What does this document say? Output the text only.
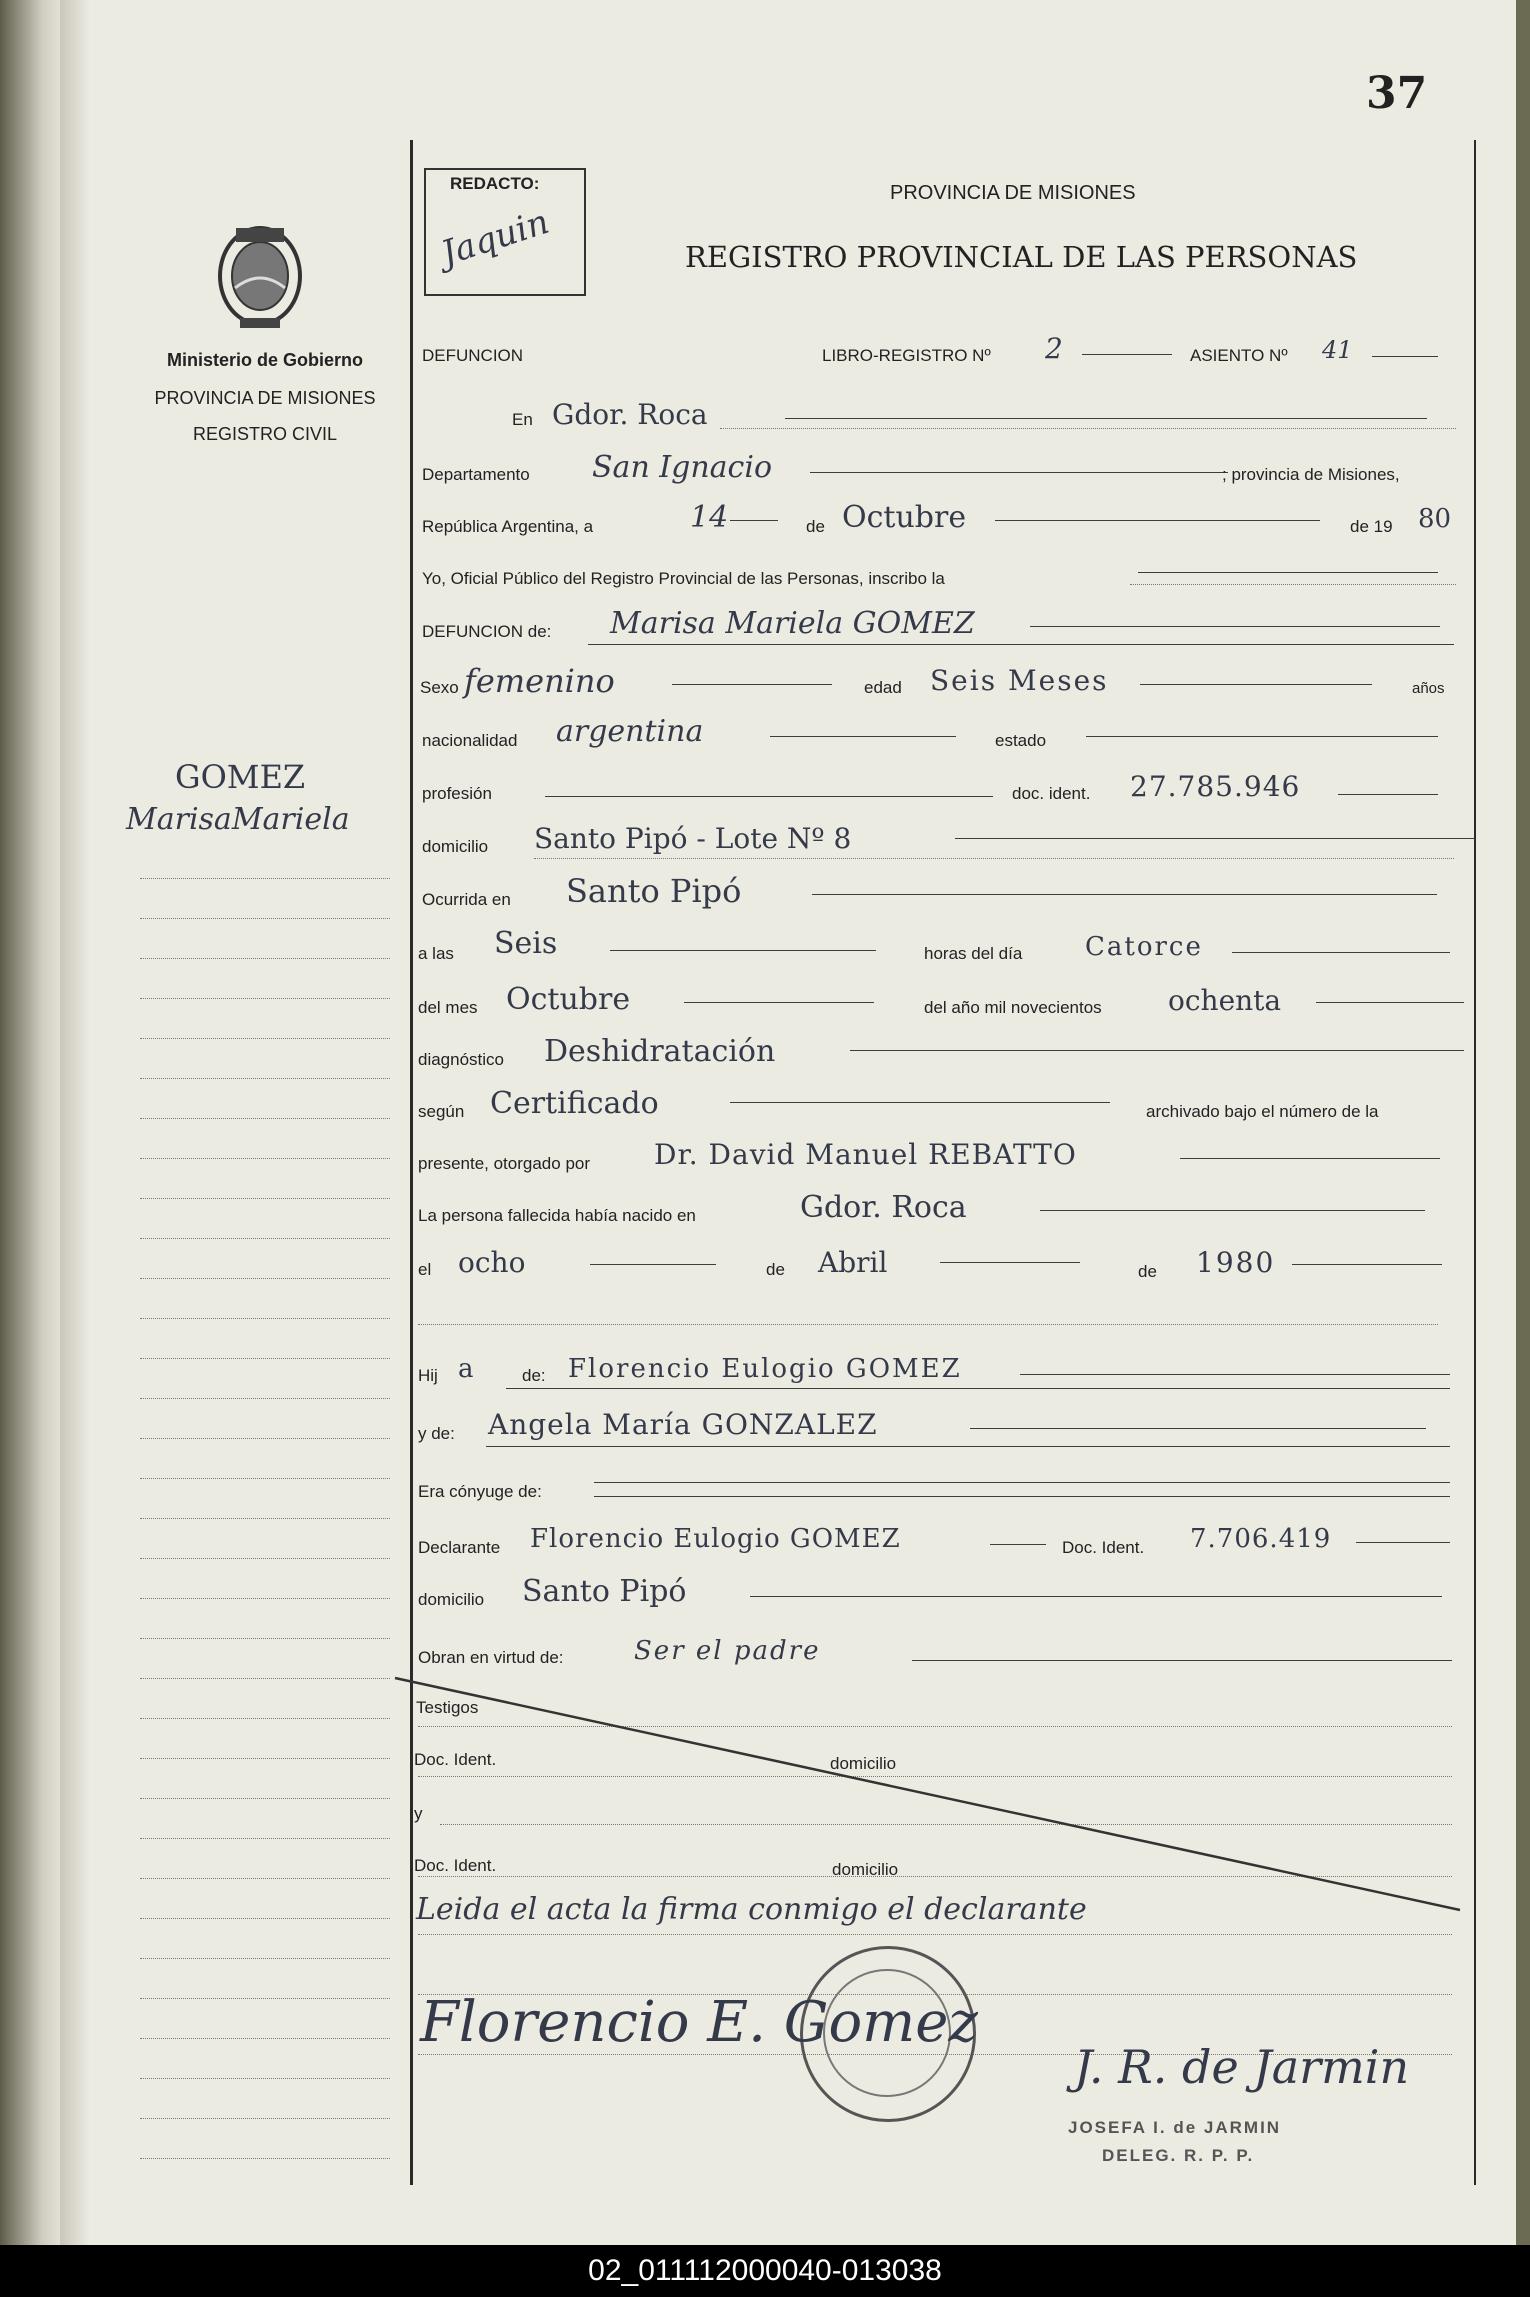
37
Ministerio de Gobierno
PROVINCIA DE MISIONES
REGISTRO CIVIL
GOMEZ
MarisaMariela
REDACTO:
Jaquin
PROVINCIA DE MISIONES
REGISTRO PROVINCIAL DE LAS PERSONAS
DEFUNCION	LIBRO-REGISTRO Nº 2	ASIENTO Nº 41
En Gdor. Roca
Departamento San Ignacio	; provincia de Misiones,
República Argentina, a	14	de Octubre	de 19 80
Yo, Oficial Público del Registro Provincial de las Personas, inscribo la
DEFUNCION de: Marisa Mariela GOMEZ
Sexo femenino	edad Seis Meses	años
nacionalidad argentina	estado
profesión	doc. ident. 27.785.946
domicilio Santo Pipó - Lote Nº 8
Ocurrida en Santo Pipó
a las Seis	horas del día Catorce
del mes Octubre	del año mil novecientos ochenta
diagnóstico Deshidratación
según Certificado	archivado bajo el número de la
presente, otorgado por Dr. David Manuel REBATTO
La persona fallecida había nacido en	Gdor. Roca
el ocho	de Abril	de 1980
Hij a	de: Florencio Eulogio GOMEZ
y de: Angela María GONZALEZ
Era cónyuge de:
Declarante Florencio Eulogio GOMEZ	Doc. Ident. 7.706.419
domicilio Santo Pipó
Obran en virtud de:	Ser el padre
Testigos
Doc. Ident.	domicilio
y
Doc. Ident.	domicilio
Leida el acta la firma conmigo el declarante
Florencio E. Gomez
J. R. de Jarmin
JOSEFA I. de JARMIN
DELEG. R. P. P.
02_011112000040-013038
